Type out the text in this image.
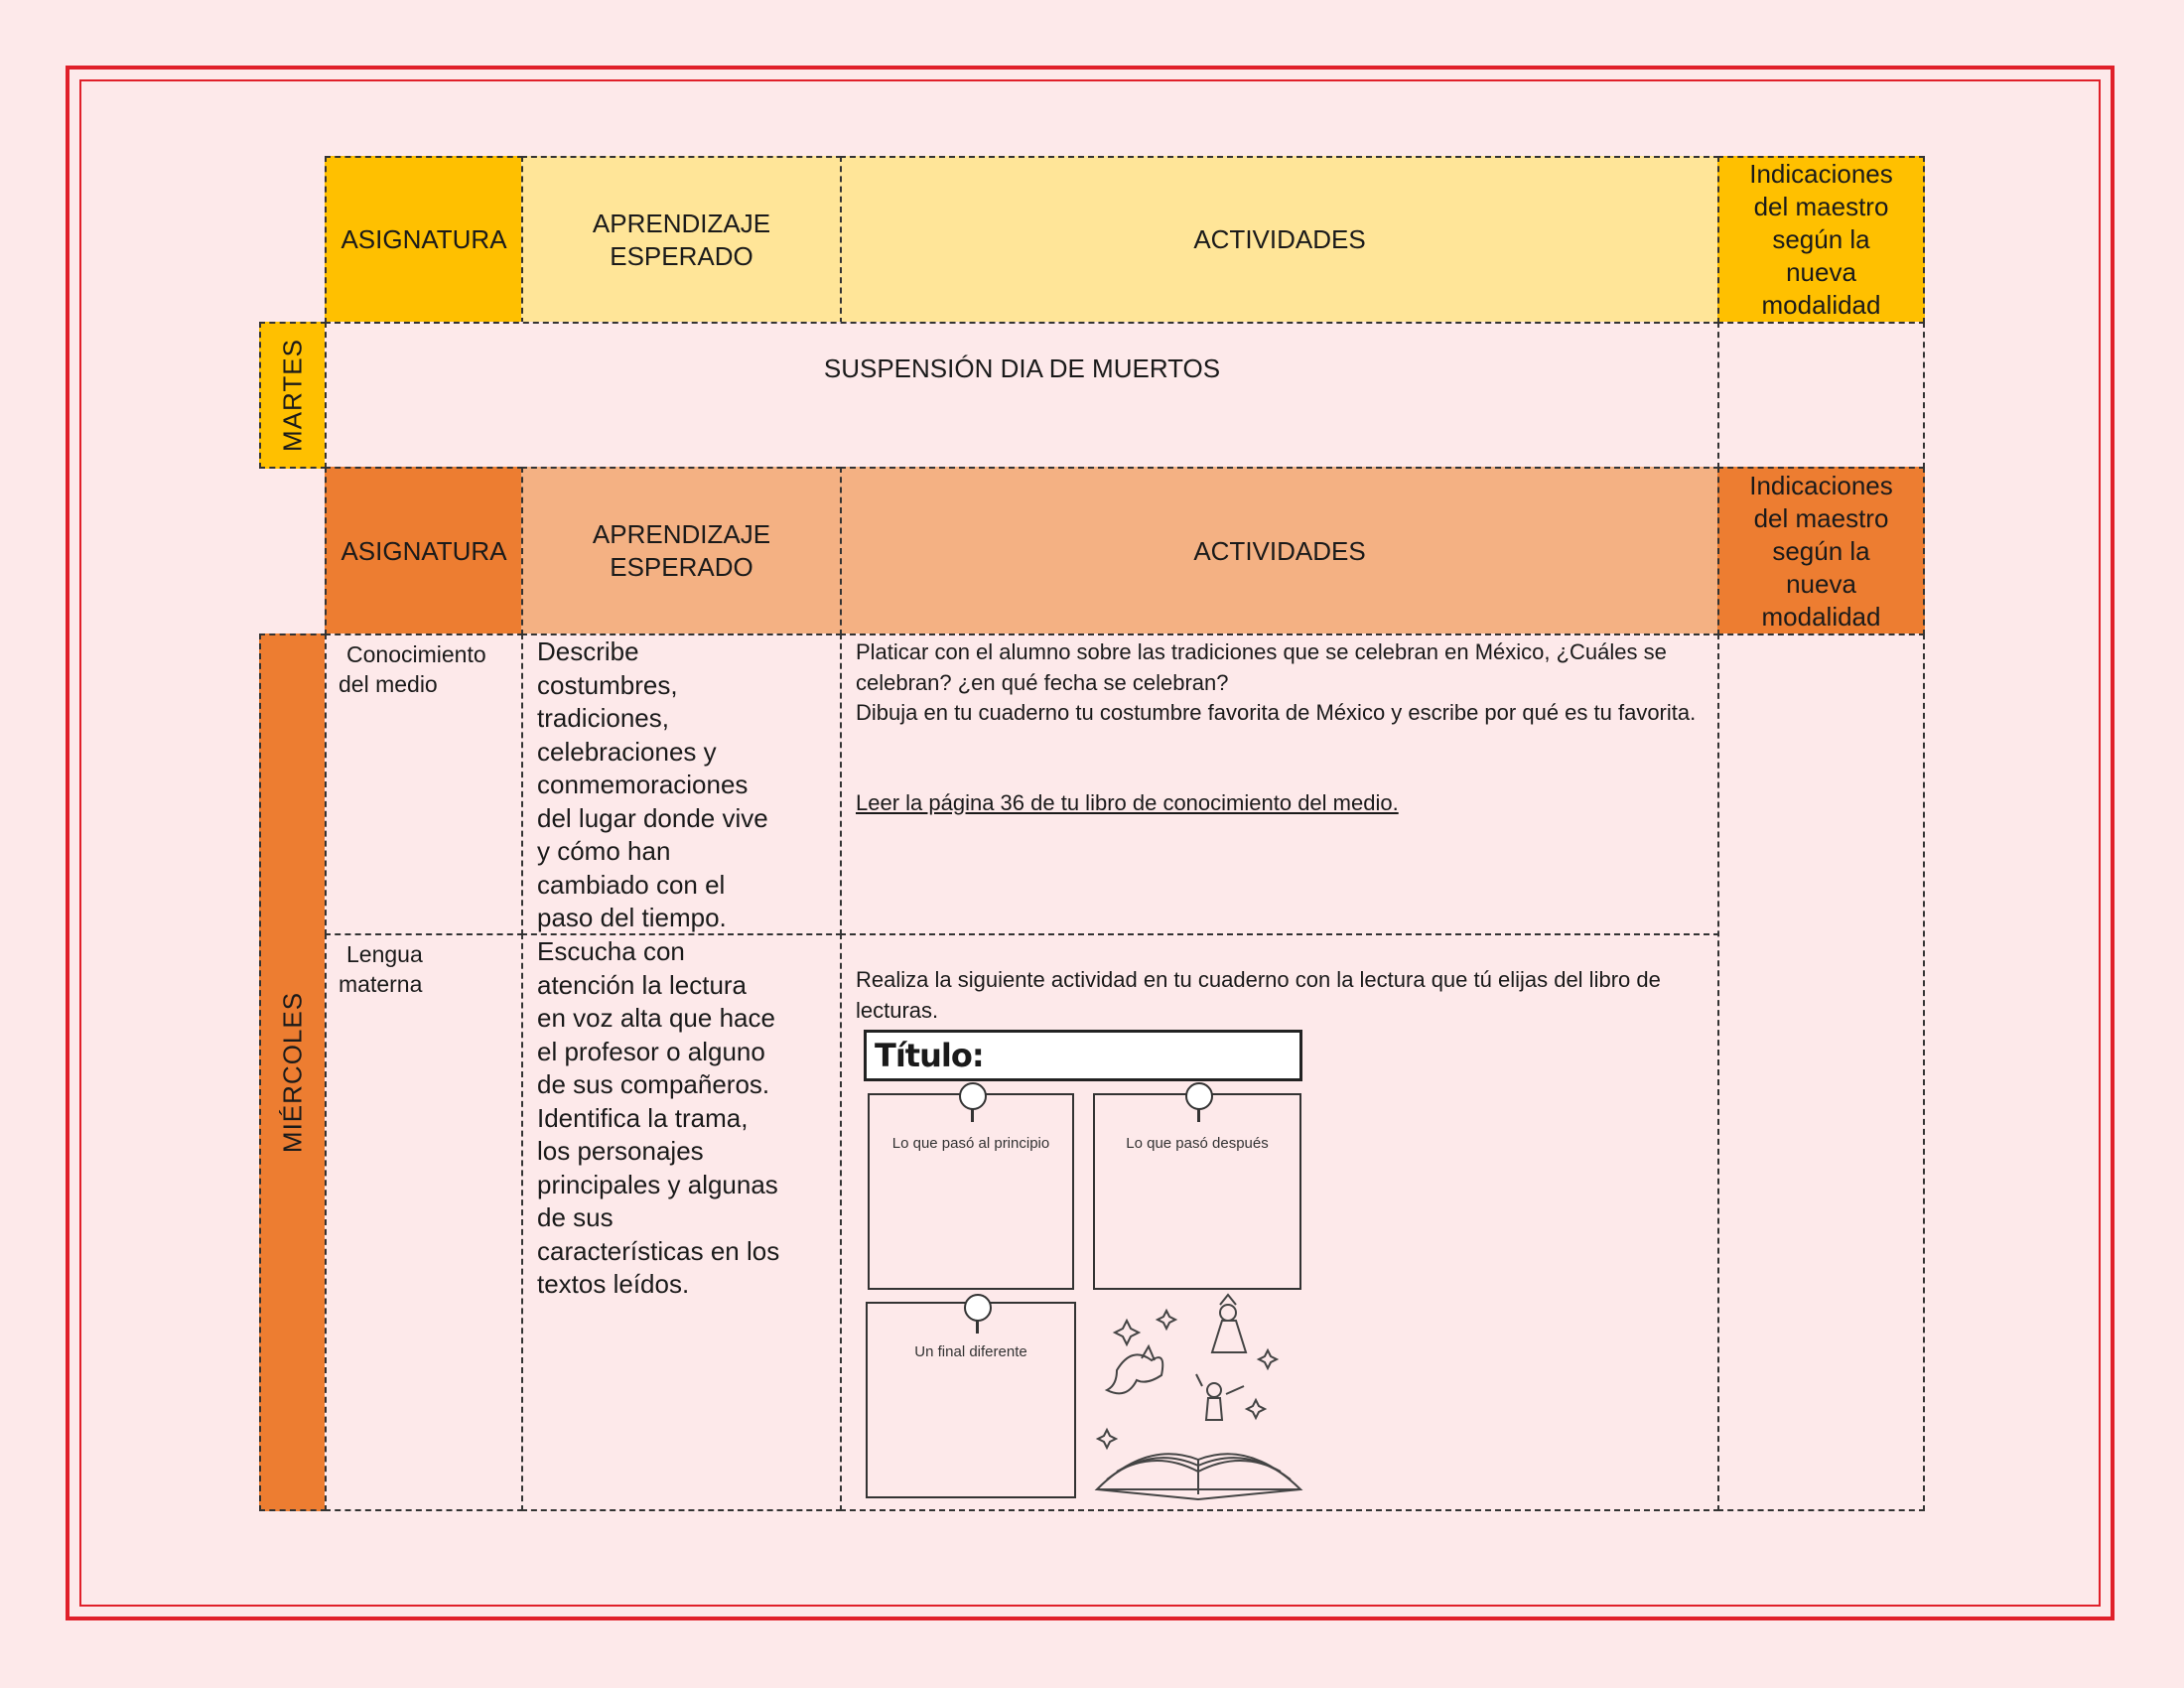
ASIGNATURA
APRENDIZAJE ESPERADO
ACTIVIDADES
Indicaciones del maestro según la nueva modalidad
MARTES	SUSPENSIÓN DIA DE MUERTOS
ASIGNATURA
APRENDIZAJE ESPERADO
ACTIVIDADES
Indicaciones del maestro según la nueva modalidad
MIÉRCOLES
Conocimiento del medio
Describe costumbres, tradiciones, celebraciones y conmemoraciones del lugar donde vive y cómo han cambiado con el paso del tiempo.

Platicar con el alumno sobre las tradiciones que se celebran en México, ¿Cuáles se celebran? ¿en qué fecha se celebran?

Dibuja en tu cuaderno tu costumbre favorita de México y escribe por qué es tu favorita.

Leer la página 36 de tu libro de conocimiento del medio.

Lengua materna
Escucha con atención la lectura en voz alta que hace el profesor o alguno de sus compañeros. Identifica la trama, los personajes principales y algunas de sus características en los textos leídos.

Realiza la siguiente actividad en tu cuaderno con la lectura que tú elijas del libro de lecturas.

Título:
Lo que pasó al principio	Lo que pasó después
Un final diferente
